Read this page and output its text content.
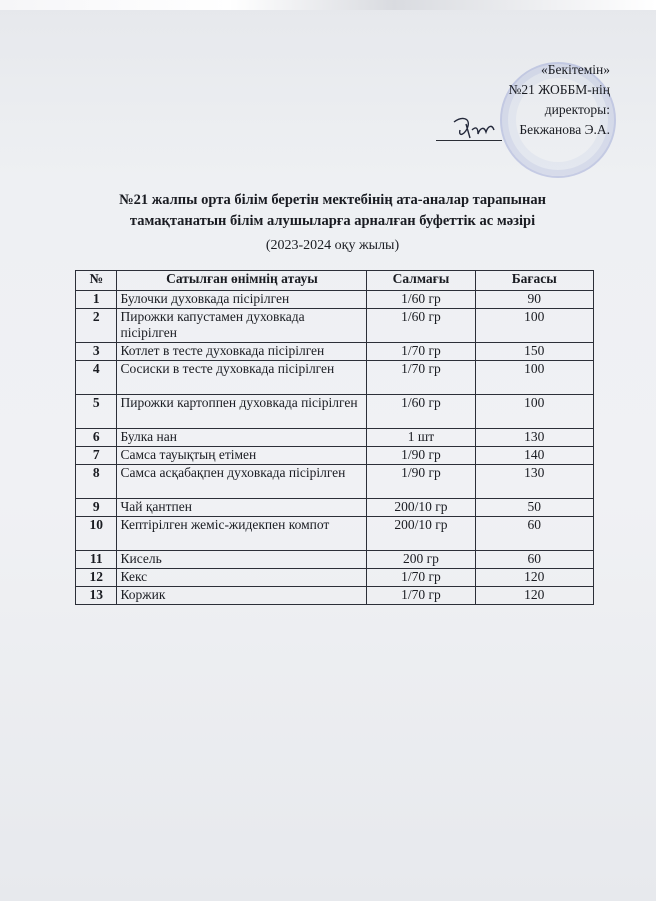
«Бекітемін»
№21 ЖОББМ-нің
директоры:
Бекжанова Э.А.
№21 жалпы орта білім беретін мектебінің ата-аналар тарапынан
тамақтанатын білім алушыларға арналған буфеттік ас мәзірі
(2023-2024 оқу жылы)
№	Сатылған өнімнің атауы	Салмағы	Бағасы
1	Булочки духовкада пісірілген	1/60 гр	90
2	Пирожки капустамен духовкада пісірілген	1/60 гр	100
3	Котлет в тесте духовкада пісірілген	1/70 гр	150
4	Сосиски в тесте духовкада пісірілген	1/70 гр	100
5	Пирожки картоппен духовкада пісірілген	1/60 гр	100
6	Булка нан	1 шт	130
7	Самса тауықтың етімен	1/90 гр	140
8	Самса асқабақпен духовкада пісірілген	1/90 гр	130
9	Чай қантпен	200/10 гр	50
10	Кептірілген жеміс-жидекпен компот	200/10 гр	60
11	Кисель	200 гр	60
12	Кекс	1/70 гр	120
13	Коржик	1/70 гр	120
